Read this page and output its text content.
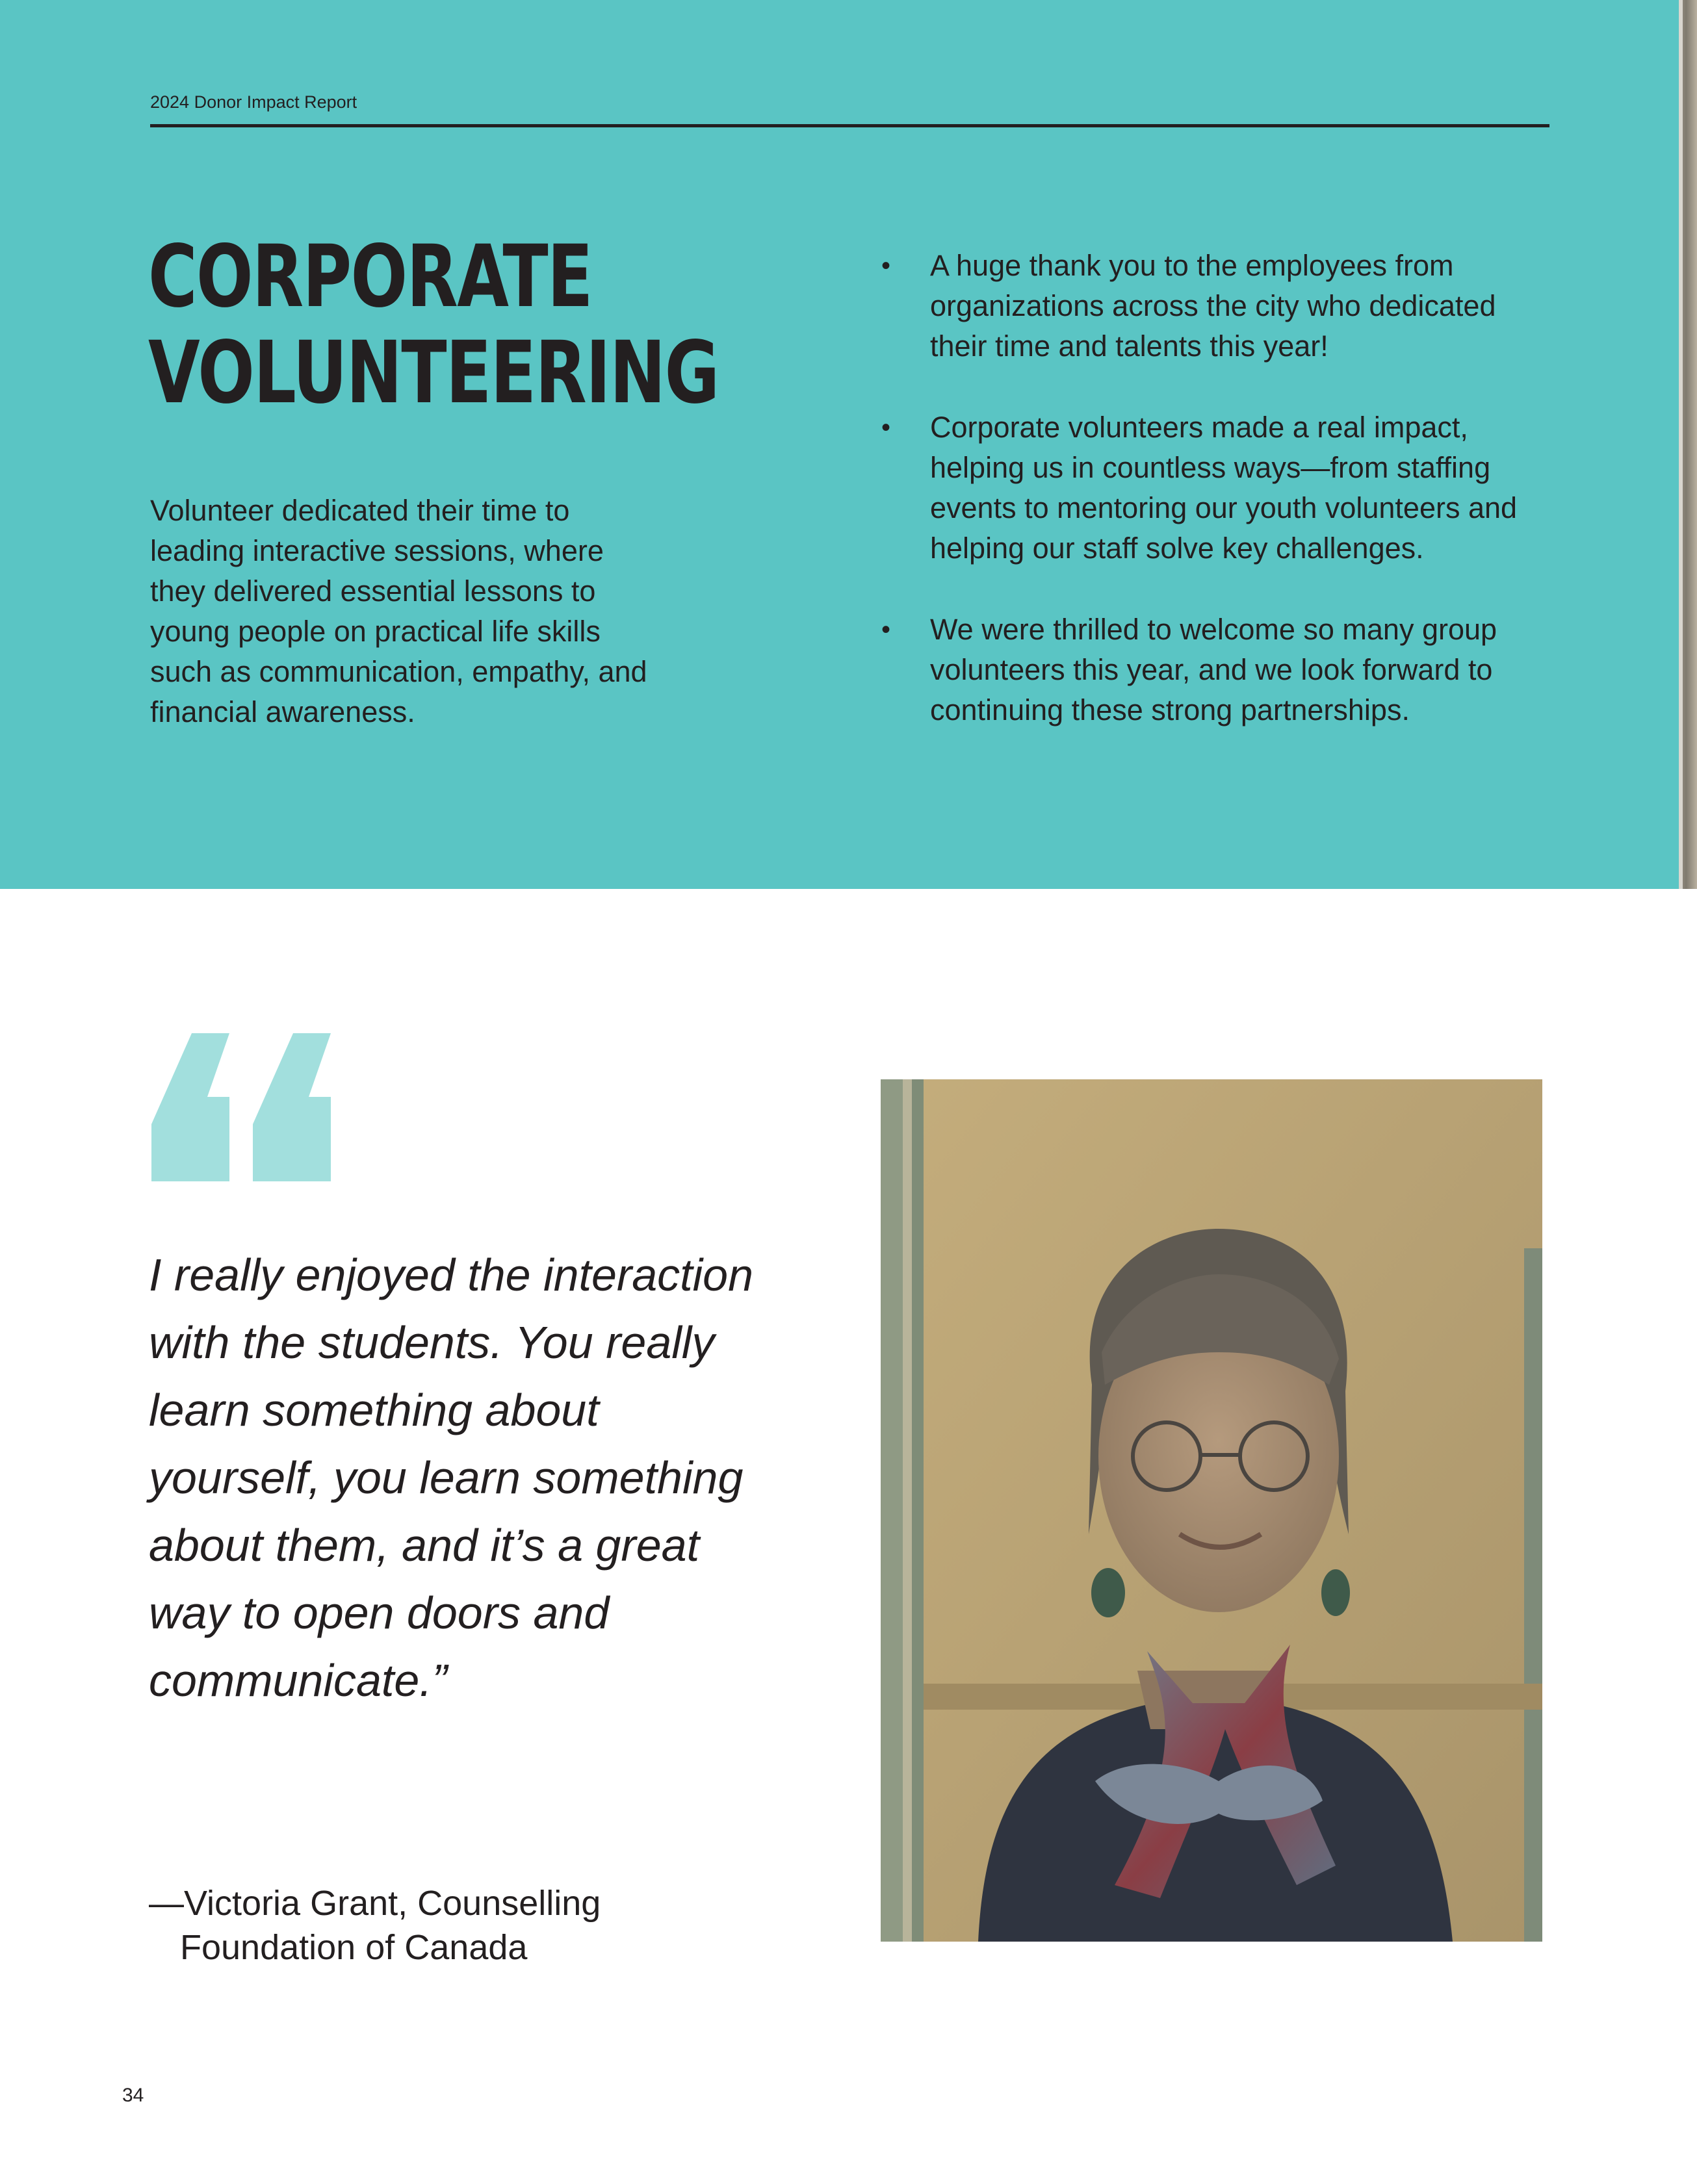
2024 Donor Impact Report
CORPORATE
VOLUNTEERING

Volunteer dedicated their time to leading interactive sessions, where they delivered essential lessons to young people on practical life skills such as communication, empathy, and financial awareness.

• A huge thank you to the employees from organizations across the city who dedicated their time and talents this year!
• Corporate volunteers made a real impact, helping us in countless ways—from staffing events to mentoring our youth volunteers and helping our staff solve key challenges.
• We were thrilled to welcome so many group volunteers this year, and we look forward to continuing these strong partnerships.

I really enjoyed the interaction with the students. You really learn something about yourself, you learn something about them, and it’s a great way to open doors and communicate.”

—Victoria Grant, Counselling
Foundation of Canada
34
